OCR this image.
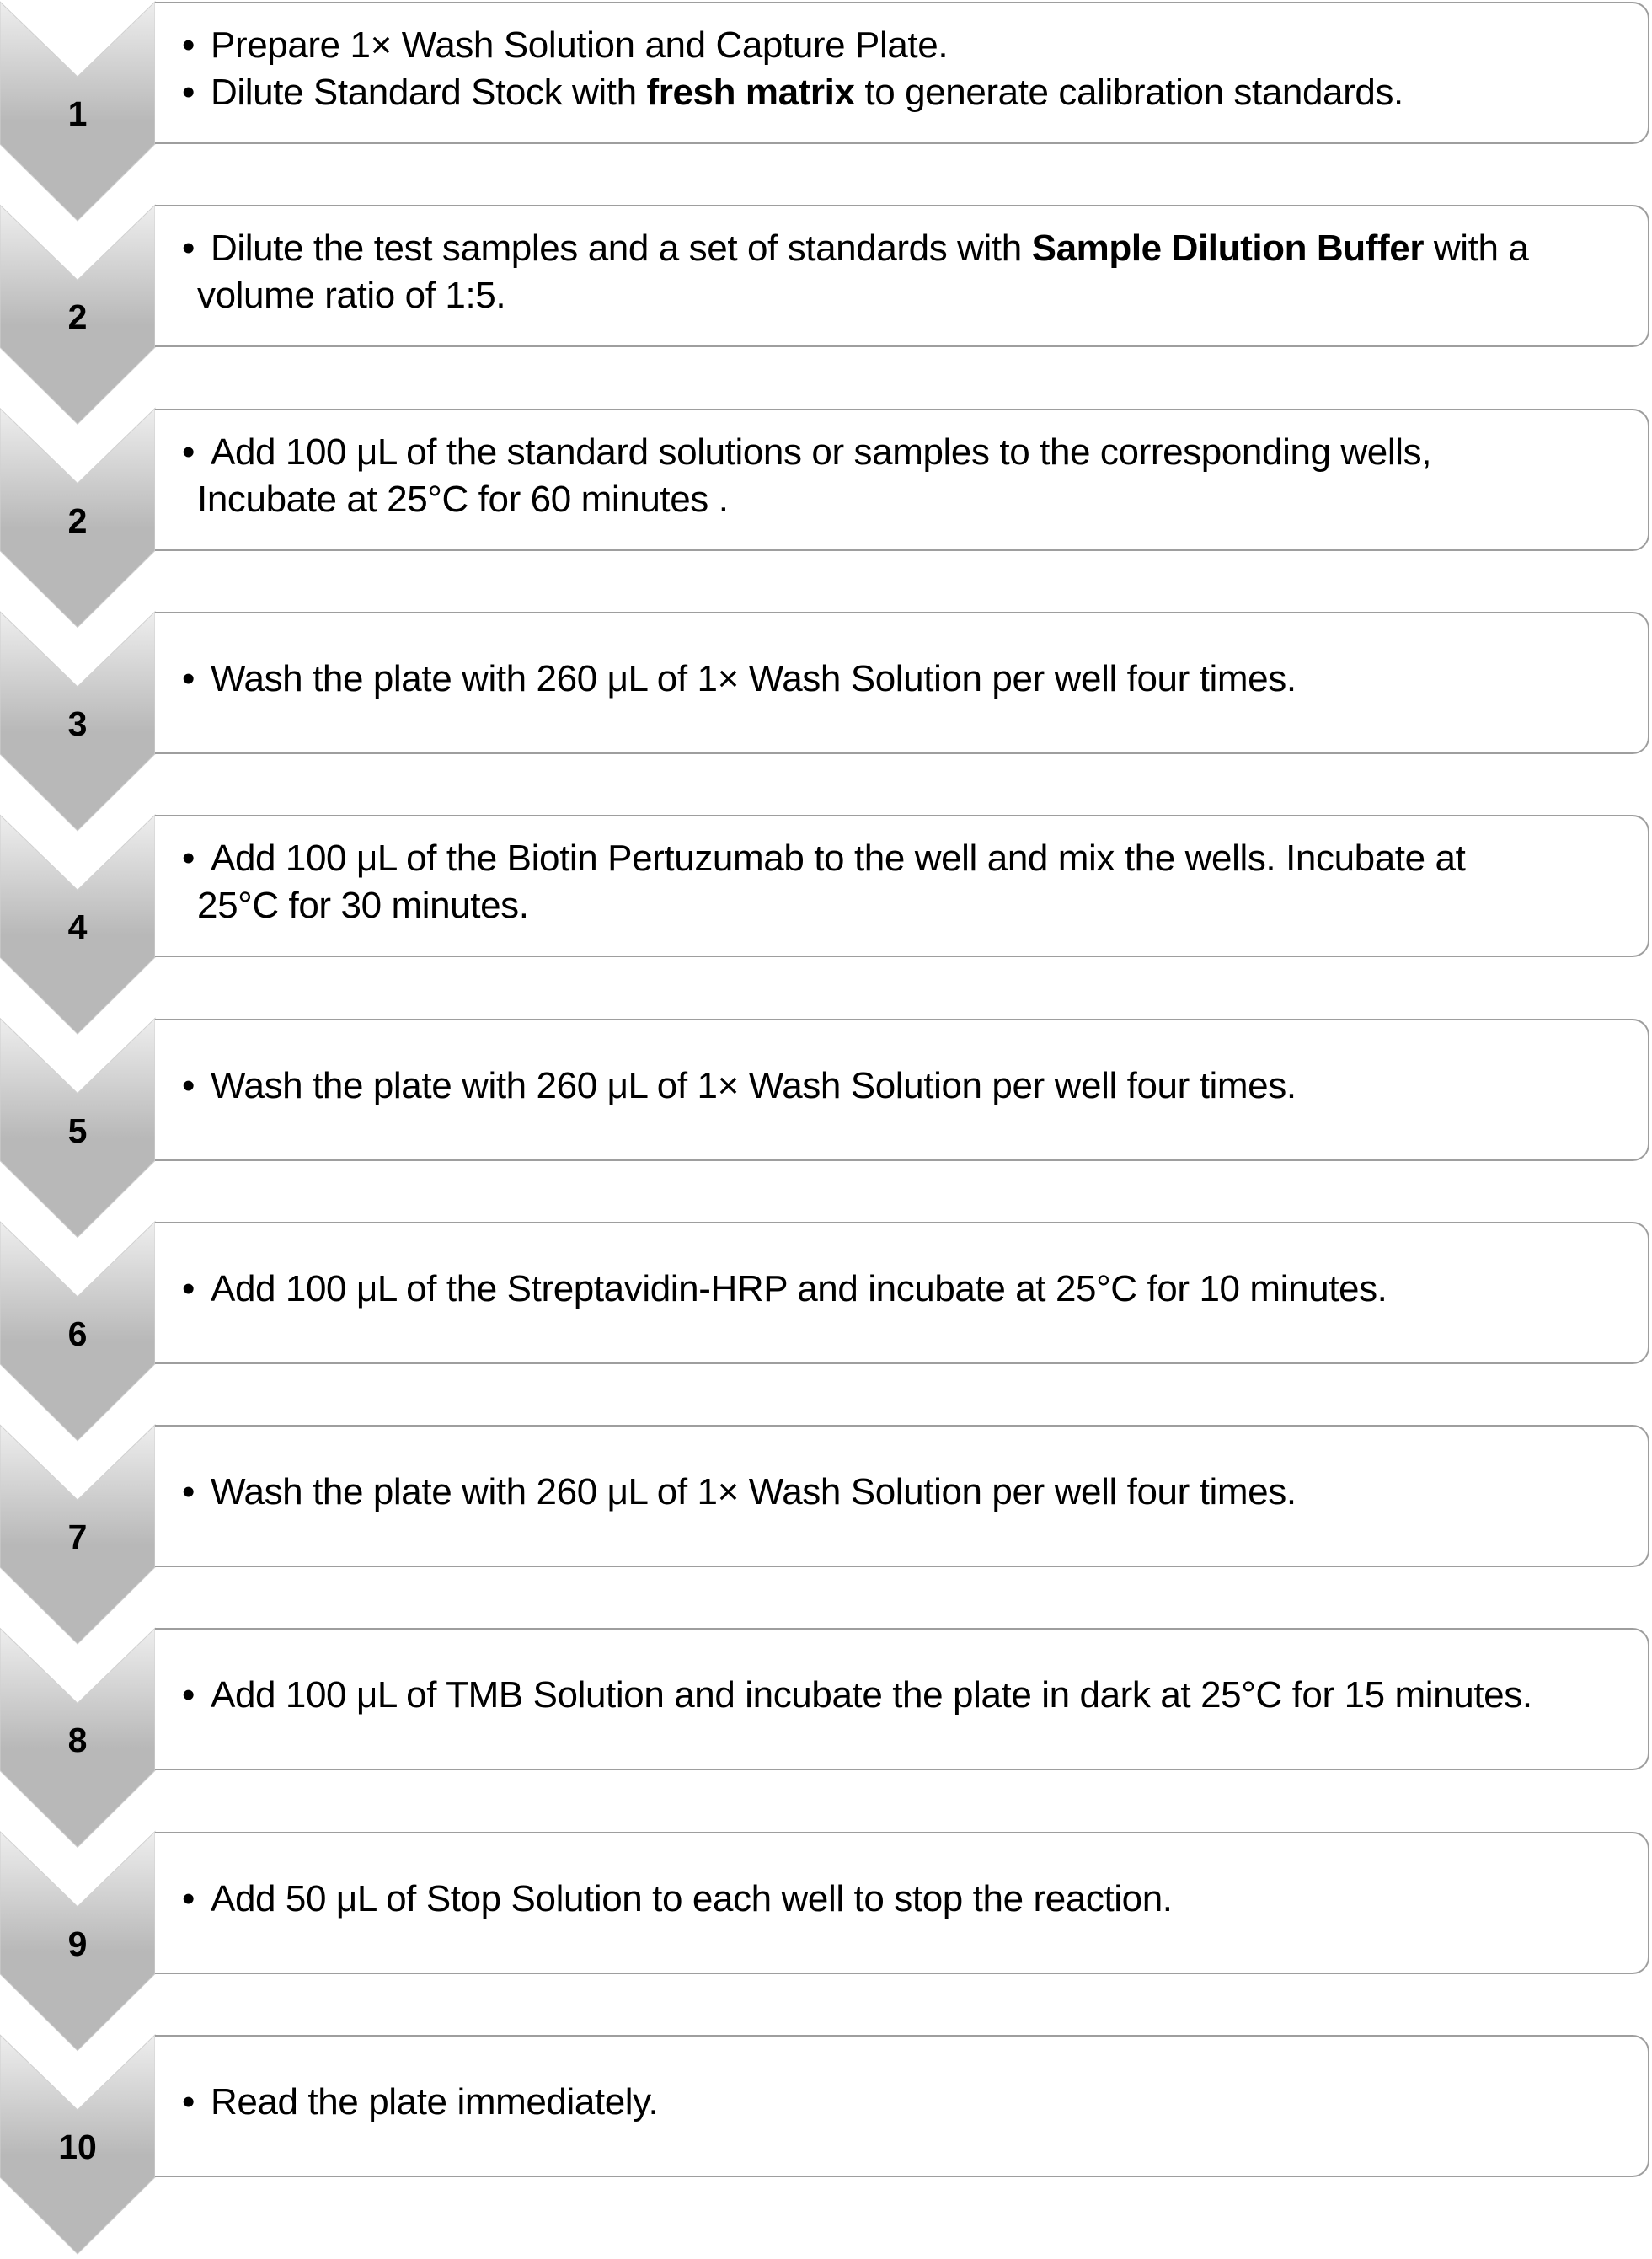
1
• Prepare 1× Wash Solution and Capture Plate.
• Dilute Standard Stock with fresh matrix to generate calibration standards.
2
• Dilute the test samples and a set of standards with Sample Dilution Buffer with a
volume ratio of 1:5.
2
• Add 100 μL of the standard solutions or samples to the corresponding wells,
Incubate at 25°C for 60 minutes .
3
• Wash the plate with 260 μL of 1× Wash Solution per well four times.
4
• Add 100 μL of the Biotin Pertuzumab to the well and mix the wells. Incubate at
25°C for 30 minutes.
5
• Wash the plate with 260 μL of 1× Wash Solution per well four times.
6
• Add 100 μL of the Streptavidin-HRP and incubate at 25°C for 10 minutes.
7
• Wash the plate with 260 μL of 1× Wash Solution per well four times.
8
• Add 100 μL of TMB Solution and incubate the plate in dark at 25°C for 15 minutes.
9
• Add 50 μL of Stop Solution to each well to stop the reaction.
10
• Read the plate immediately.
